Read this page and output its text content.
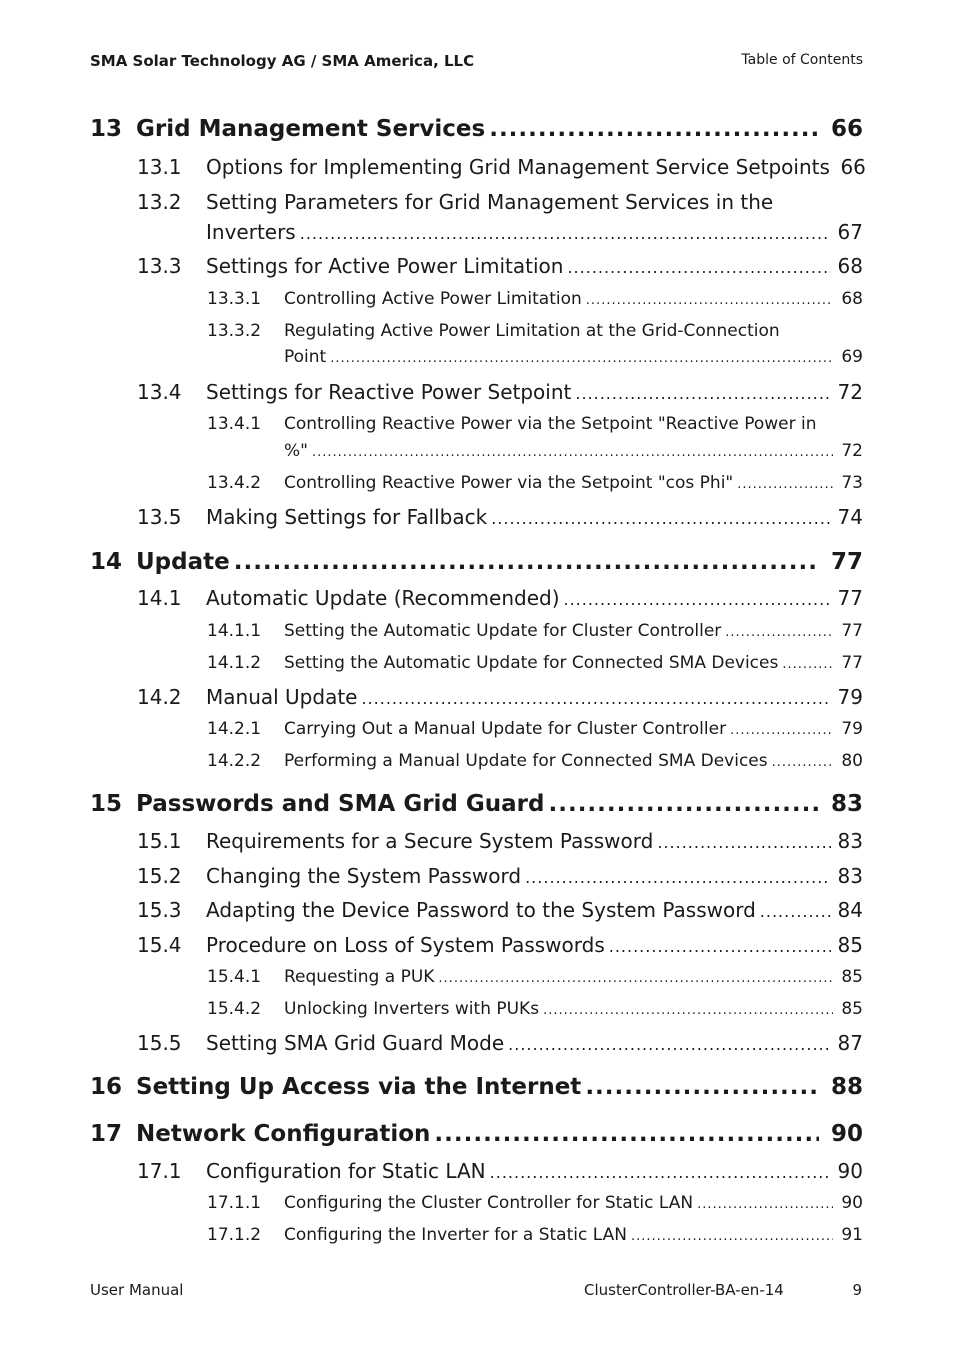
SMA Solar Technology AG / SMA America, LLC	Table of Contents
13 Grid Management Services .....	66
13.1	Options for Implementing Grid Management Service Setpoints 66
13.2 Setting Parameters for Grid Management Services in the
Inverters .....	67
13.3	Settings for Active Power Limitation .....	68
13.3.1	Controlling Active Power Limitation .....	68
13.3.2 Regulating Active Power Limitation at the Grid-Connection
Point .....	69
13.4	Settings for Reactive Power Setpoint .....	72
13.4.1 Controlling Reactive Power via the Setpoint "Reactive Power in
%" .....	72
13.4.2	Controlling Reactive Power via the Setpoint "cos Phi" .....	73
13.5	Making Settings for Fallback .....	74
14 Update .....	77
14.1	Automatic Update (Recommended) .....	77
14.1.1	Setting the Automatic Update for Cluster Controller .....	77
14.1.2	Setting the Automatic Update for Connected SMA Devices .....	77
14.2	Manual Update .....	79
14.2.1	Carrying Out a Manual Update for Cluster Controller .....	79
14.2.2	Performing a Manual Update for Connected SMA Devices .....	80
15 Passwords and SMA Grid Guard .....	83
15.1	Requirements for a Secure System Password .....	83
15.2	Changing the System Password .....	83
15.3	Adapting the Device Password to the System Password .....	84
15.4	Procedure on Loss of System Passwords .....	85
15.4.1	Requesting a PUK .....	85
15.4.2	Unlocking Inverters with PUKs .....	85
15.5	Setting SMA Grid Guard Mode .....	87
16 Setting Up Access via the Internet .....	88
17 Network Configuration .....	90
17.1	Configuration for Static LAN .....	90
17.1.1	Configuring the Cluster Controller for Static LAN .....	90
17.1.2	Configuring the Inverter for a Static LAN .....	91
User Manual	ClusterController-BA-en-14	9
